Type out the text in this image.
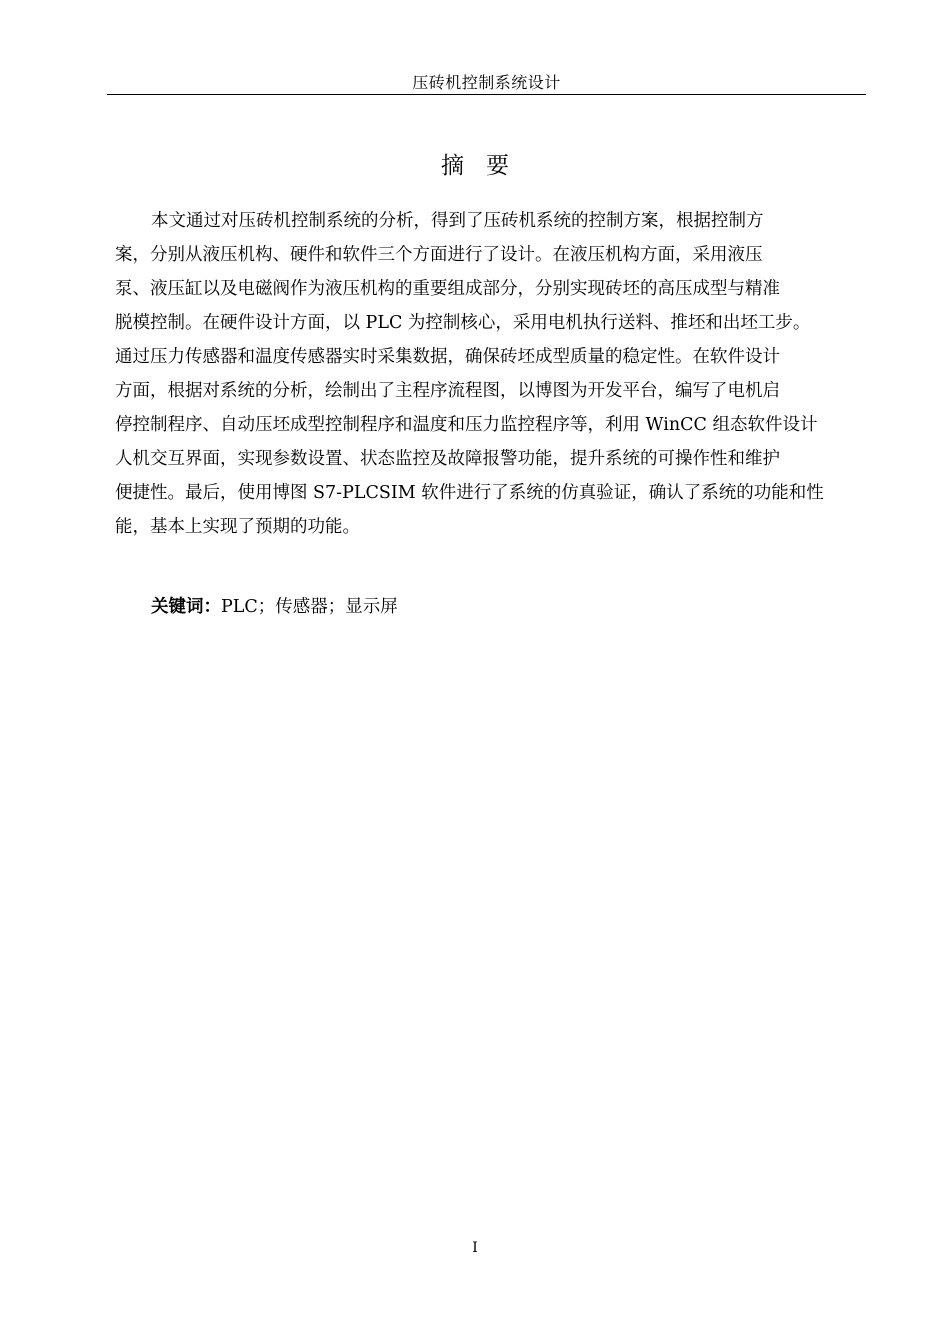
压砖机控制系统设计
摘 要
本文通过对压砖机控制系统的分析，得到了压砖机系统的控制方案，根据控制方
案，分别从液压机构、硬件和软件三个方面进行了设计。在液压机构方面，采用液压
泵、液压缸以及电磁阀作为液压机构的重要组成部分，分别实现砖坯的高压成型与精准
脱模控制。在硬件设计方面，以 PLC 为控制核心，采用电机执行送料、推坯和出坯工步。
通过压力传感器和温度传感器实时采集数据，确保砖坯成型质量的稳定性。在软件设计
方面，根据对系统的分析，绘制出了主程序流程图，以博图为开发平台，编写了电机启
停控制程序、自动压坯成型控制程序和温度和压力监控程序等，利用 WinCC 组态软件设计
人机交互界面，实现参数设置、状态监控及故障报警功能，提升系统的可操作性和维护
便捷性。最后，使用博图 S7-PLCSIM 软件进行了系统的仿真验证，确认了系统的功能和性
能，基本上实现了预期的功能。
关键词：PLC；传感器；显示屏
I
